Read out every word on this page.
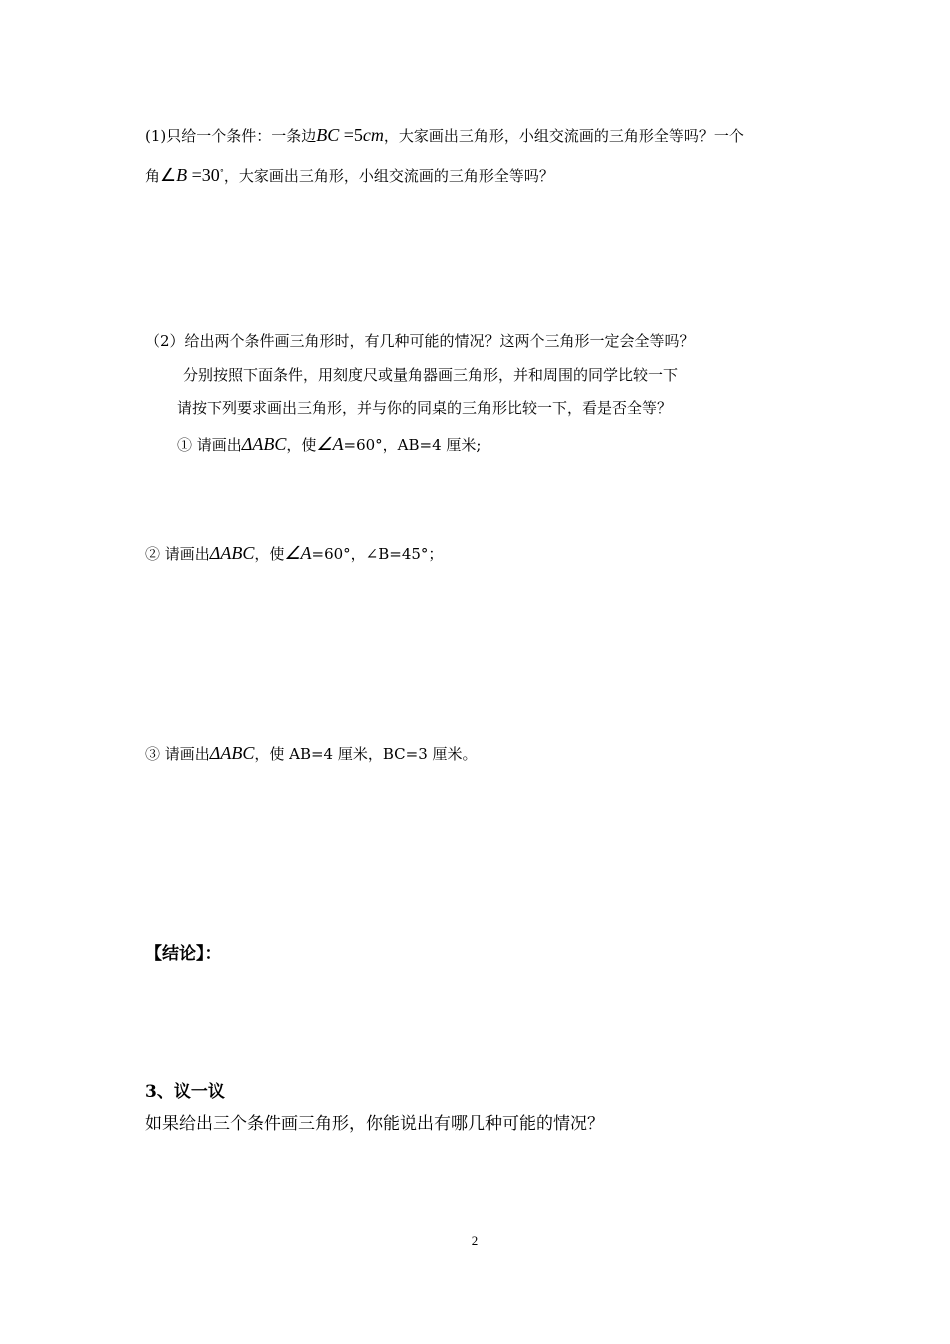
(1)只给一个条件：一条边BC =5cm，大家画出三角形，小组交流画的三角形全等吗？一个
角∠B =30°，大家画出三角形，小组交流画的三角形全等吗？
（2）给出两个条件画三角形时，有几种可能的情况？这两个三角形一定会全等吗？
分别按照下面条件，用刻度尺或量角器画三角形，并和周围的同学比较一下
请按下列要求画出三角形，并与你的同桌的三角形比较一下，看是否全等？
① 请画出ΔABC，使∠A=60°，AB=4 厘米;
② 请画出ΔABC，使∠A=60°，∠B=45°；
③ 请画出ΔABC，使 AB=4 厘米，BC=3 厘米。
【结论】：
3、议一议
如果给出三个条件画三角形，你能说出有哪几种可能的情况？
2
